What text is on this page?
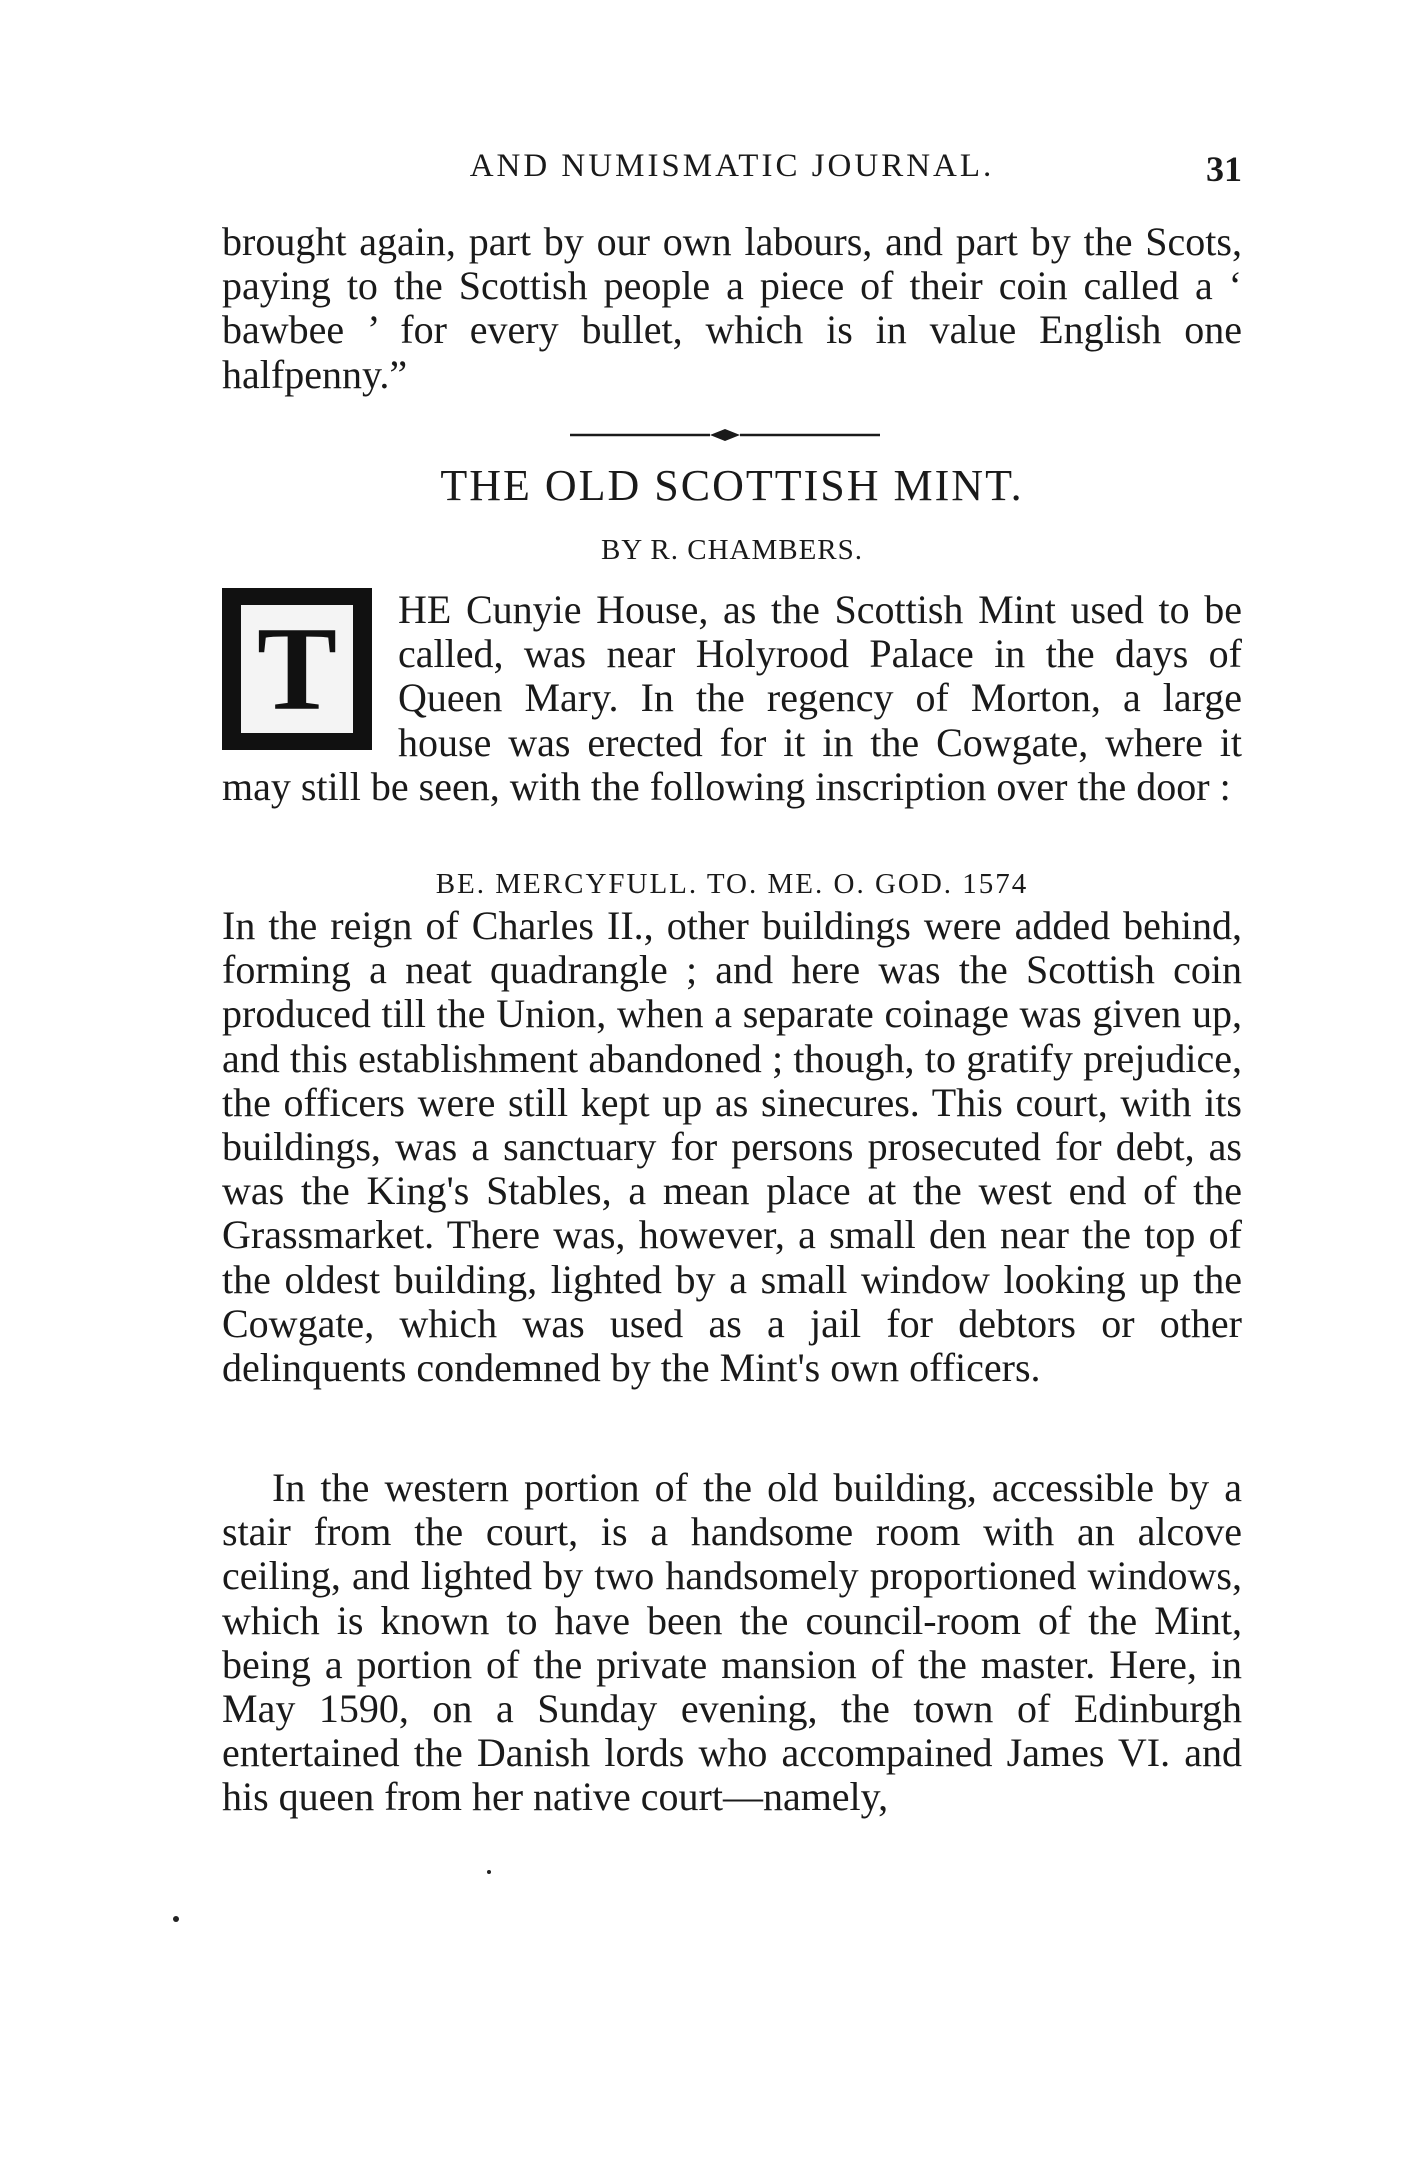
AND NUMISMATIC JOURNAL.	31

brought again, part by our own labours, and part by the Scots, paying to the Scottish people a piece of their coin called a ‘ bawbee ’ for every bullet, which is in value English one halfpenny.”

THE OLD SCOTTISH MINT.
BY R. CHAMBERS.

HE Cunyie House, as the Scottish Mint used to be called, was near Holyrood Palace in the days of Queen Mary. In the regency of Morton, a large house was erected for it in the Cowgate, where it may still be seen, with the following inscription over the door :

T
BE. MERCYFULL. TO. ME. O. GOD. 1574

In the reign of Charles II., other buildings were added behind, forming a neat quadrangle ; and here was the Scottish coin produced till the Union, when a separate coinage was given up, and this establishment abandoned ; though, to gratify prejudice, the officers were still kept up as sinecures. This court, with its buildings, was a sanctuary for persons prosecuted for debt, as was the King's Stables, a mean place at the west end of the Grassmarket. There was, however, a small den near the top of the oldest building, lighted by a small window looking up the Cowgate, which was used as a jail for debtors or other delinquents condemned by the Mint's own officers.

In the western portion of the old building, accessible by a stair from the court, is a handsome room with an alcove ceiling, and lighted by two handsomely proportioned windows, which is known to have been the council-room of the Mint, being a portion of the private mansion of the master. Here, in May 1590, on a Sunday evening, the town of Edinburgh entertained the Danish lords who accompained James VI. and his queen from her native court—namely,
